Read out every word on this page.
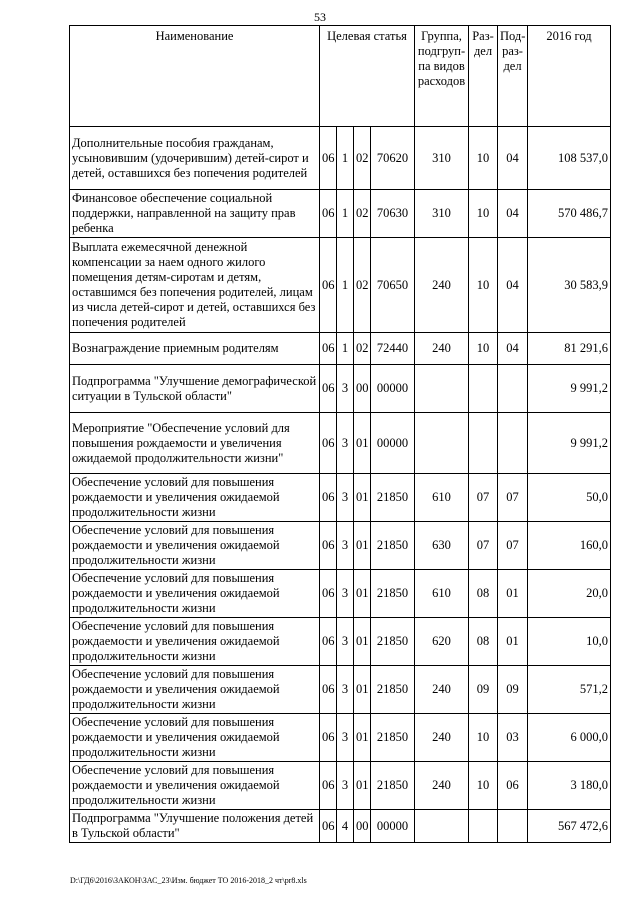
53
Наименование	Целевая статья				Группа, подгруп-па видов расходов	Раз-дел	Под-раз-дел	2016 год
Дополнительные пособия гражданам, усыновившим (удочерившим) детей-сирот и детей, оставшихся без попечения родителей	06	1	02	70620	310	10	04	108 537,0
Финансовое обеспечение социальной поддержки, направленной на защиту прав ребенка	06	1	02	70630	310	10	04	570 486,7
Выплата ежемесячной денежной компенсации за наем одного жилого помещения детям-сиротам и детям, оставшимся без попечения родителей, лицам из числа детей-сирот и детей, оставшихся без попечения родителей	06	1	02	70650	240	10	04	30 583,9
Вознаграждение приемным родителям	06	1	02	72440	240	10	04	81 291,6
Подпрограмма "Улучшение демографической ситуации в Тульской области"	06	3	00	00000				9 991,2
Мероприятие "Обеспечение условий для повышения рождаемости и увеличения ожидаемой продолжительности жизни"	06	3	01	00000				9 991,2
Обеспечение условий для повышения рождаемости и увеличения ожидаемой продолжительности жизни	06	3	01	21850	610	07	07	50,0
Обеспечение условий для повышения рождаемости и увеличения ожидаемой продолжительности жизни	06	3	01	21850	630	07	07	160,0
Обеспечение условий для повышения рождаемости и увеличения ожидаемой продолжительности жизни	06	3	01	21850	610	08	01	20,0
Обеспечение условий для повышения рождаемости и увеличения ожидаемой продолжительности жизни	06	3	01	21850	620	08	01	10,0
Обеспечение условий для повышения рождаемости и увеличения ожидаемой продолжительности жизни	06	3	01	21850	240	09	09	571,2
Обеспечение условий для повышения рождаемости и увеличения ожидаемой продолжительности жизни	06	3	01	21850	240	10	03	6 000,0
Обеспечение условий для повышения рождаемости и увеличения ожидаемой продолжительности жизни	06	3	01	21850	240	10	06	3 180,0
Подпрограмма "Улучшение положения детей в Тульской области"	06	4	00	00000				567 472,6
D:\ГД6\2016\ЗАКОН\ЗАС_23\Изм. бюджет ТО 2016-2018_2 чт\pr8.xls
